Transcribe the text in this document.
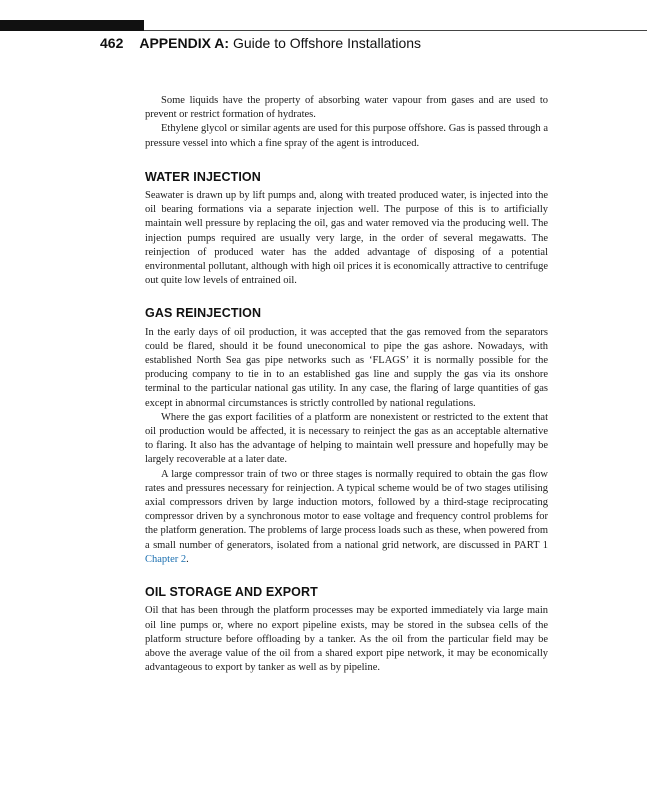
462 APPENDIX A: Guide to Offshore Installations

Some liquids have the property of absorbing water vapour from gases and are used to prevent or restrict formation of hydrates.

Ethylene glycol or similar agents are used for this purpose offshore. Gas is passed through a pressure vessel into which a fine spray of the agent is introduced.

WATER INJECTION

Seawater is drawn up by lift pumps and, along with treated produced water, is injected into the oil bearing formations via a separate injection well. The purpose of this is to artificially maintain well pressure by replacing the oil, gas and water removed via the producing well. The injection pumps required are usually very large, in the order of several megawatts. The reinjection of produced water has the added advantage of disposing of a potential environmental pollutant, although with high oil prices it is economically attractive to centrifuge out quite low levels of entrained oil.

GAS REINJECTION

In the early days of oil production, it was accepted that the gas removed from the separators could be flared, should it be found uneconomical to pipe the gas ashore. Nowadays, with established North Sea gas pipe networks such as ‘FLAGS’ it is normally possible for the producing company to tie in to an established gas line and supply the gas via its onshore terminal to the particular national gas utility. In any case, the flaring of large quantities of gas except in abnormal circumstances is strictly controlled by national regulations.

Where the gas export facilities of a platform are nonexistent or restricted to the extent that oil production would be affected, it is necessary to reinject the gas as an acceptable alternative to flaring. It also has the advantage of helping to maintain well pressure and hopefully may be largely recoverable at a later date.

A large compressor train of two or three stages is normally required to obtain the gas flow rates and pressures necessary for reinjection. A typical scheme would be of two stages utilising axial compressors driven by large induction motors, followed by a third-stage reciprocating compressor driven by a synchronous motor to ease voltage and frequency control problems for the platform generation. The problems of large process loads such as these, when powered from a small number of generators, isolated from a national grid network, are discussed in PART 1 Chapter 2.

OIL STORAGE AND EXPORT

Oil that has been through the platform processes may be exported immediately via large main oil line pumps or, where no export pipeline exists, may be stored in the subsea cells of the platform structure before offloading by a tanker. As the oil from the particular field may be above the average value of the oil from a shared export pipe network, it may be economically advantageous to export by tanker as well as by pipeline.
